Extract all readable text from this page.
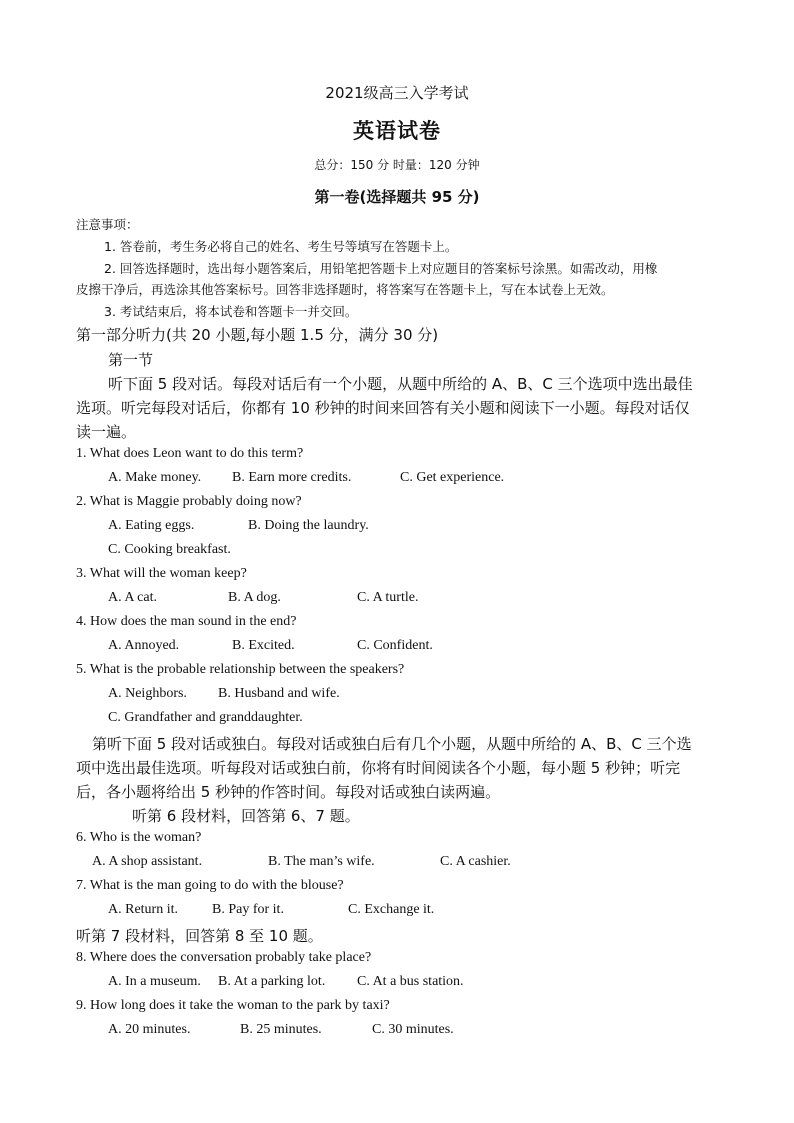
2021级高三入学考试
英语试卷
总分：150 分 时量：120 分钟
第一卷(选择题共 95 分)
注意事项：
1. 答卷前，考生务必将自己的姓名、考生号等填写在答题卡上。
2. 回答选择题时，选出每小题答案后，用铅笔把答题卡上对应题目的答案标号涂黑。如需改动，用橡
皮擦干净后，再选涂其他答案标号。回答非选择题时，将答案写在答题卡上，写在本试卷上无效。
3. 考试结束后，将本试卷和答题卡一并交回。
第一部分听力(共 20 小题,每小题 1.5 分，满分 30 分)
第一节
听下面 5 段对话。每段对话后有一个小题，从题中所给的 A、B、C 三个选项中选出最佳
选项。听完每段对话后，你都有 10 秒钟的时间来回答有关小题和阅读下一小题。每段对话仅
读一遍。
1. What does Leon want to do this term?
A. Make money. B. Earn more credits.	C. Get experience.
2. What is Maggie probably doing now?
A. Eating eggs.	B. Doing the laundry.
C. Cooking breakfast.
3. What will the woman keep?
A. A cat.	B. A dog.	C. A turtle.
4. How does the man sound in the end?
A. Annoyed.	B. Excited.	C. Confident.
5. What is the probable relationship between the speakers?
A. Neighbors. B. Husband and wife.
C. Grandfather and granddaughter.
第听下面 5 段对话或独白。每段对话或独白后有几个小题，从题中所给的 A、B、C 三个选
项中选出最佳选项。听每段对话或独白前，你将有时间阅读各个小题，每小题 5 秒钟；听完
后，各小题将给出 5 秒钟的作答时间。每段对话或独白读两遍。
听第 6 段材料，回答第 6、7 题。
6. Who is the woman?
A. A shop assistant.	B. The man’s wife.	C. A cashier.
7. What is the man going to do with the blouse?
A. Return it. B. Pay for it.	C. Exchange it.
听第 7 段材料，回答第 8 至 10 题。
8. Where does the conversation probably take place?
A. In a museum. B. At a parking lot. C. At a bus station.
9. How long does it take the woman to the park by taxi?
A. 20 minutes.	B. 25 minutes.	C. 30 minutes.
